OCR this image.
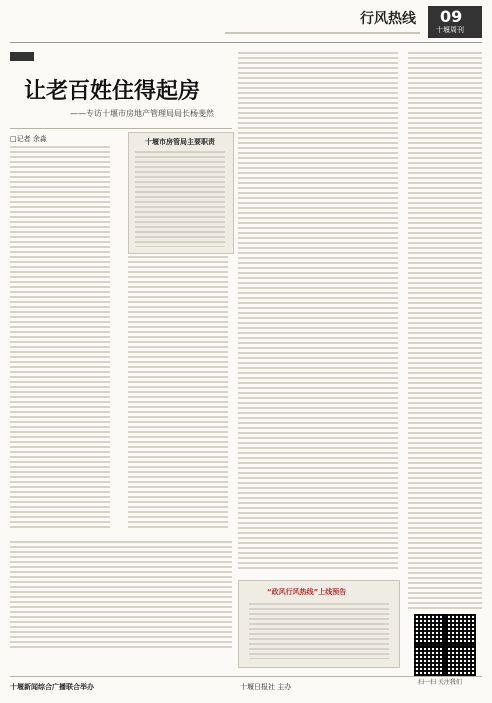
行风热线 09
十堰周刊
让老百姓住得起房
——专访十堰市房地产管理局局长杨斐然
□记者 余淼	十堰市房管局主要职责
“政风行风热线”上线预告
扫一扫 关注我们
十堰新闻综合广播联合举办	十堰日报社 主办
